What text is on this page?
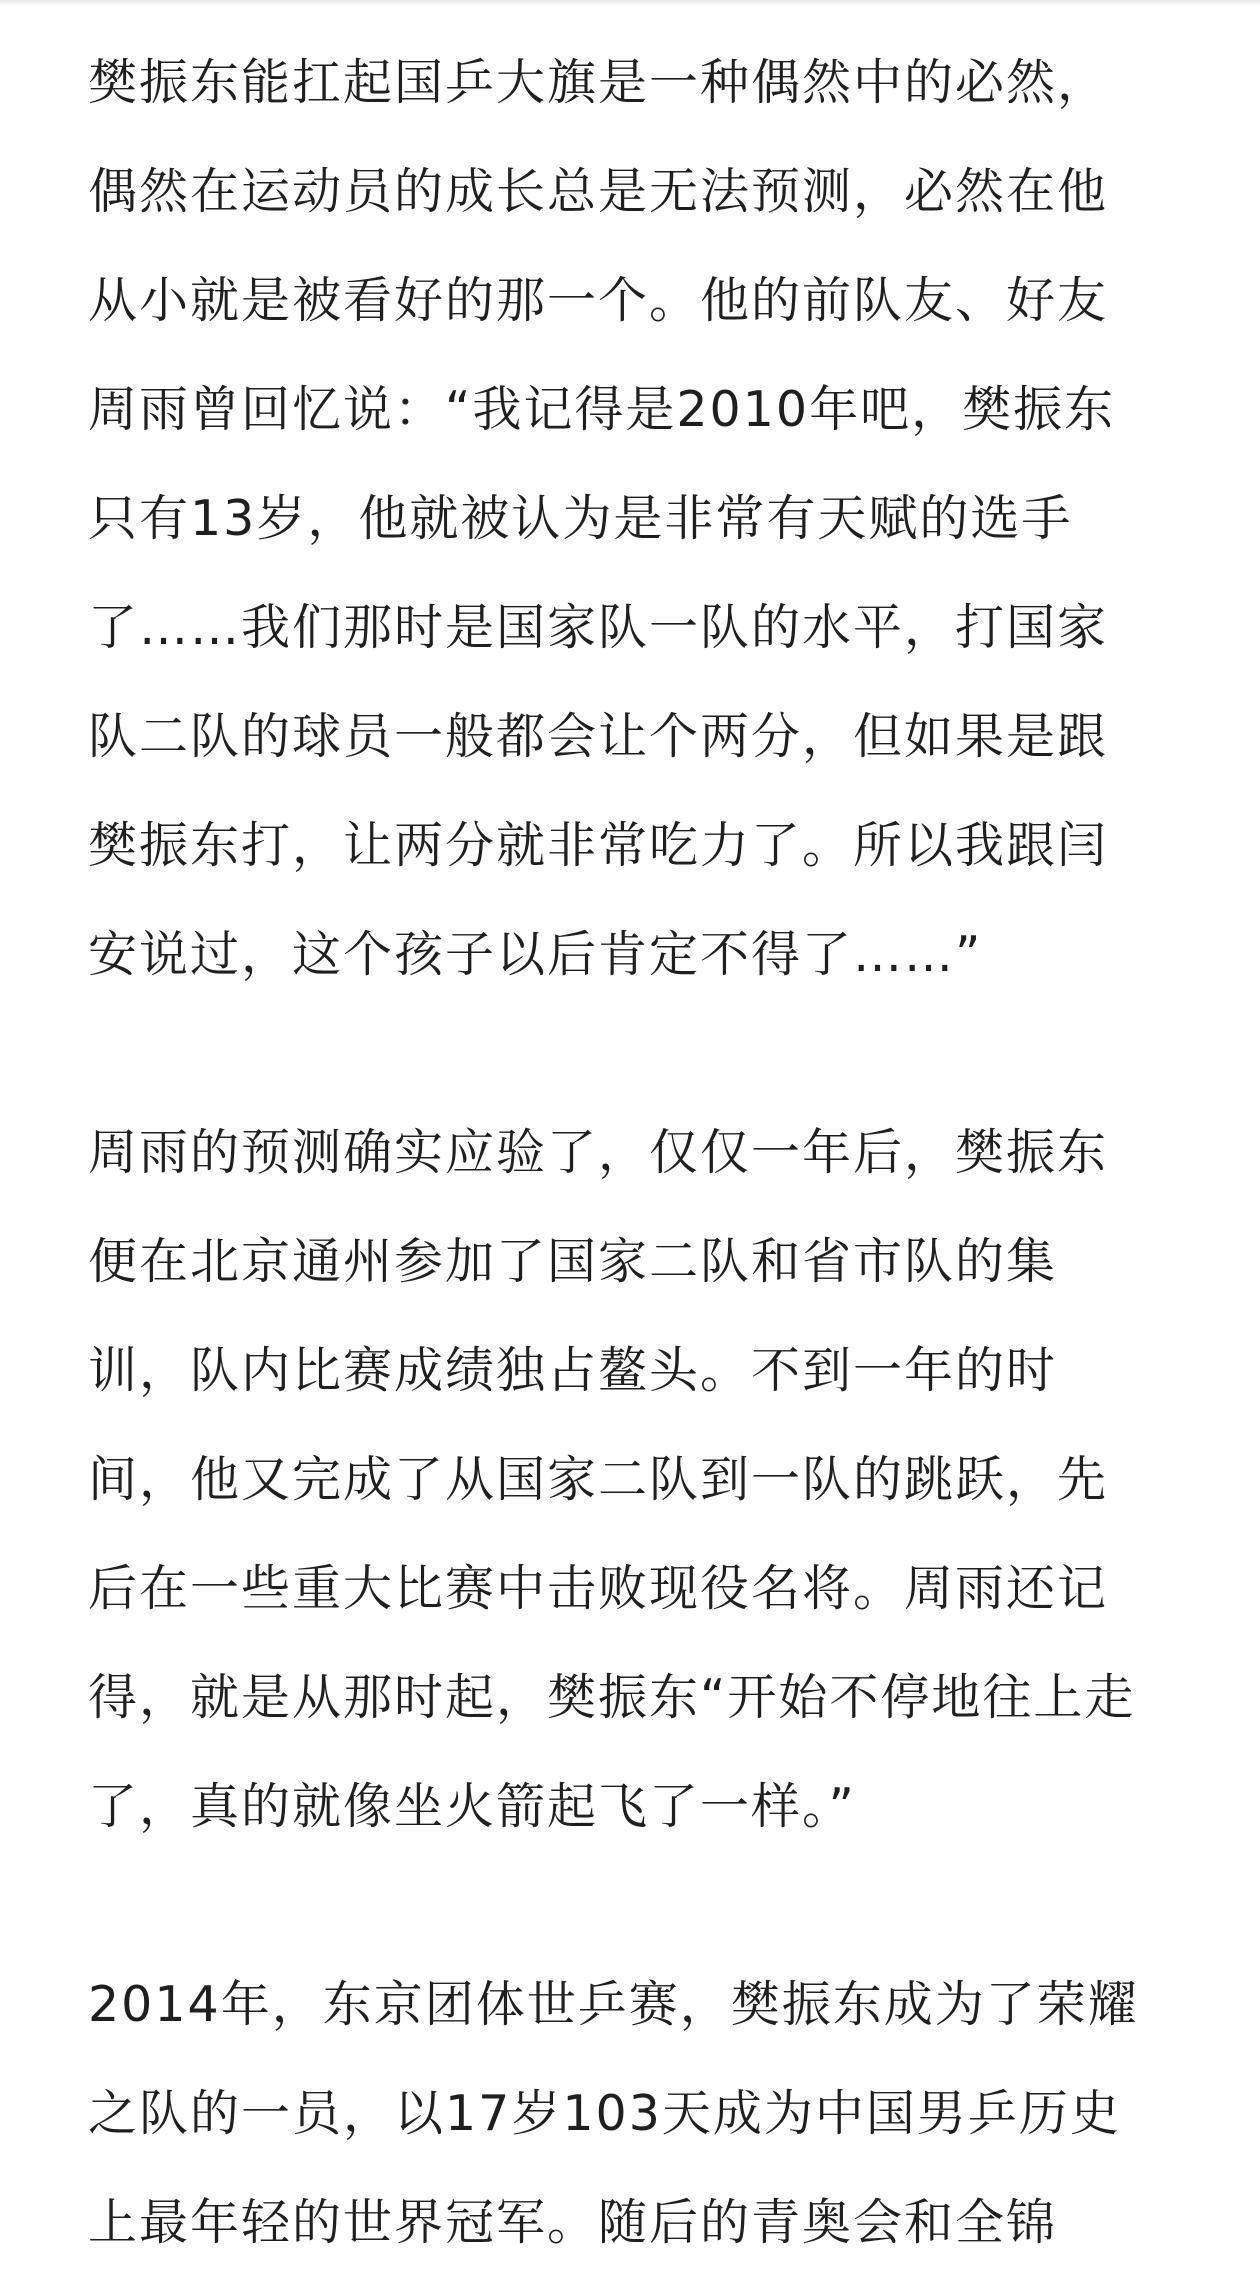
樊振东能扛起国乒大旗是一种偶然中的必然，
偶然在运动员的成长总是无法预测，必然在他
从小就是被看好的那一个。他的前队友、好友
周雨曾回忆说：“我记得是2010年吧，樊振东
只有13岁，他就被认为是非常有天赋的选手
了……我们那时是国家队一队的水平，打国家
队二队的球员一般都会让个两分，但如果是跟
樊振东打，让两分就非常吃力了。所以我跟闫
安说过，这个孩子以后肯定不得了……”
周雨的预测确实应验了，仅仅一年后，樊振东
便在北京通州参加了国家二队和省市队的集
训，队内比赛成绩独占鳌头。不到一年的时
间，他又完成了从国家二队到一队的跳跃，先
后在一些重大比赛中击败现役名将。周雨还记
得，就是从那时起，樊振东“开始不停地往上走
了，真的就像坐火箭起飞了一样。”
2014年，东京团体世乒赛，樊振东成为了荣耀
之队的一员，以17岁103天成为中国男乒历史
上最年轻的世界冠军。随后的青奥会和全锦
